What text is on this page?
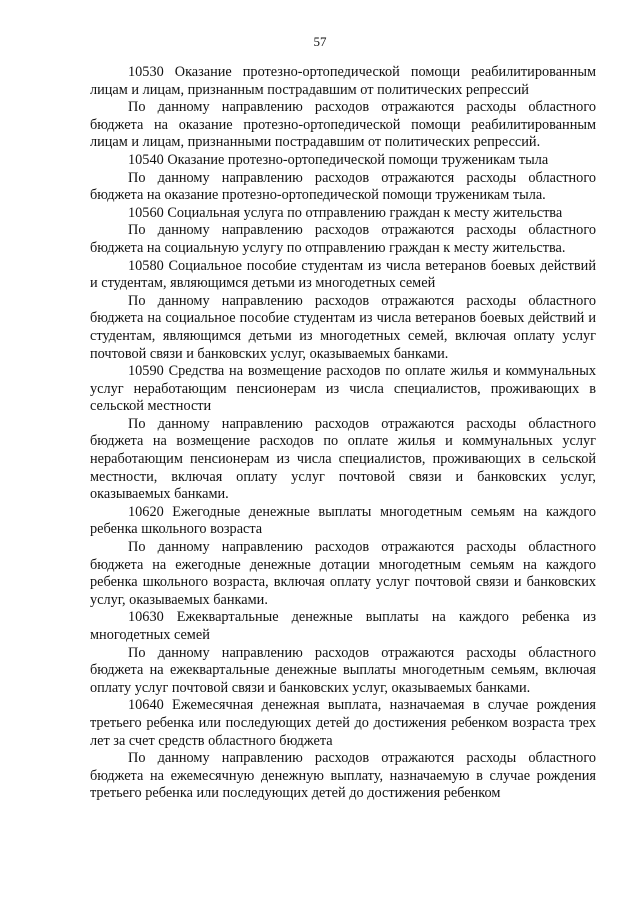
57

10530 Оказание протезно-ортопедической помощи реабилитированным лицам и лицам, признанным пострадавшим от политических репрессий

По данному направлению расходов отражаются расходы областного бюджета на оказание протезно-ортопедической помощи реабилитированным лицам и лицам, признанными пострадавшим от политических репрессий.

10540 Оказание протезно-ортопедической помощи труженикам тыла

По данному направлению расходов отражаются расходы областного бюджета на оказание протезно-ортопедической помощи труженикам тыла.

10560 Социальная услуга по отправлению граждан к месту жительства

По данному направлению расходов отражаются расходы областного бюджета на социальную услугу по отправлению граждан к месту жительства.

10580 Социальное пособие студентам из числа ветеранов боевых действий и студентам, являющимся детьми из многодетных семей

По данному направлению расходов отражаются расходы областного бюджета на социальное пособие студентам из числа ветеранов боевых действий и студентам, являющимся детьми из многодетных семей, включая оплату услуг почтовой связи и банковских услуг, оказываемых банками.

10590 Средства на возмещение расходов по оплате жилья и коммунальных услуг неработающим пенсионерам из числа специалистов, проживающих в сельской местности

По данному направлению расходов отражаются расходы областного бюджета на возмещение расходов по оплате жилья и коммунальных услуг неработающим пенсионерам из числа специалистов, проживающих в сельской местности, включая оплату услуг почтовой связи и банковских услуг, оказываемых банками.

10620 Ежегодные денежные выплаты многодетным семьям на каждого ребенка школьного возраста

По данному направлению расходов отражаются расходы областного бюджета на ежегодные денежные дотации многодетным семьям на каждого ребенка школьного возраста, включая оплату услуг почтовой связи и банковских услуг, оказываемых банками.

10630 Ежеквартальные денежные выплаты на каждого ребенка из многодетных семей

По данному направлению расходов отражаются расходы областного бюджета на ежеквартальные денежные выплаты многодетным семьям, включая оплату услуг почтовой связи и банковских услуг, оказываемых банками.

10640 Ежемесячная денежная выплата, назначаемая в случае рождения третьего ребенка или последующих детей до достижения ребенком возраста трех лет за счет средств областного бюджета

По данному направлению расходов отражаются расходы областного бюджета на ежемесячную денежную выплату, назначаемую в случае рождения третьего ребенка или последующих детей до достижения ребенком
